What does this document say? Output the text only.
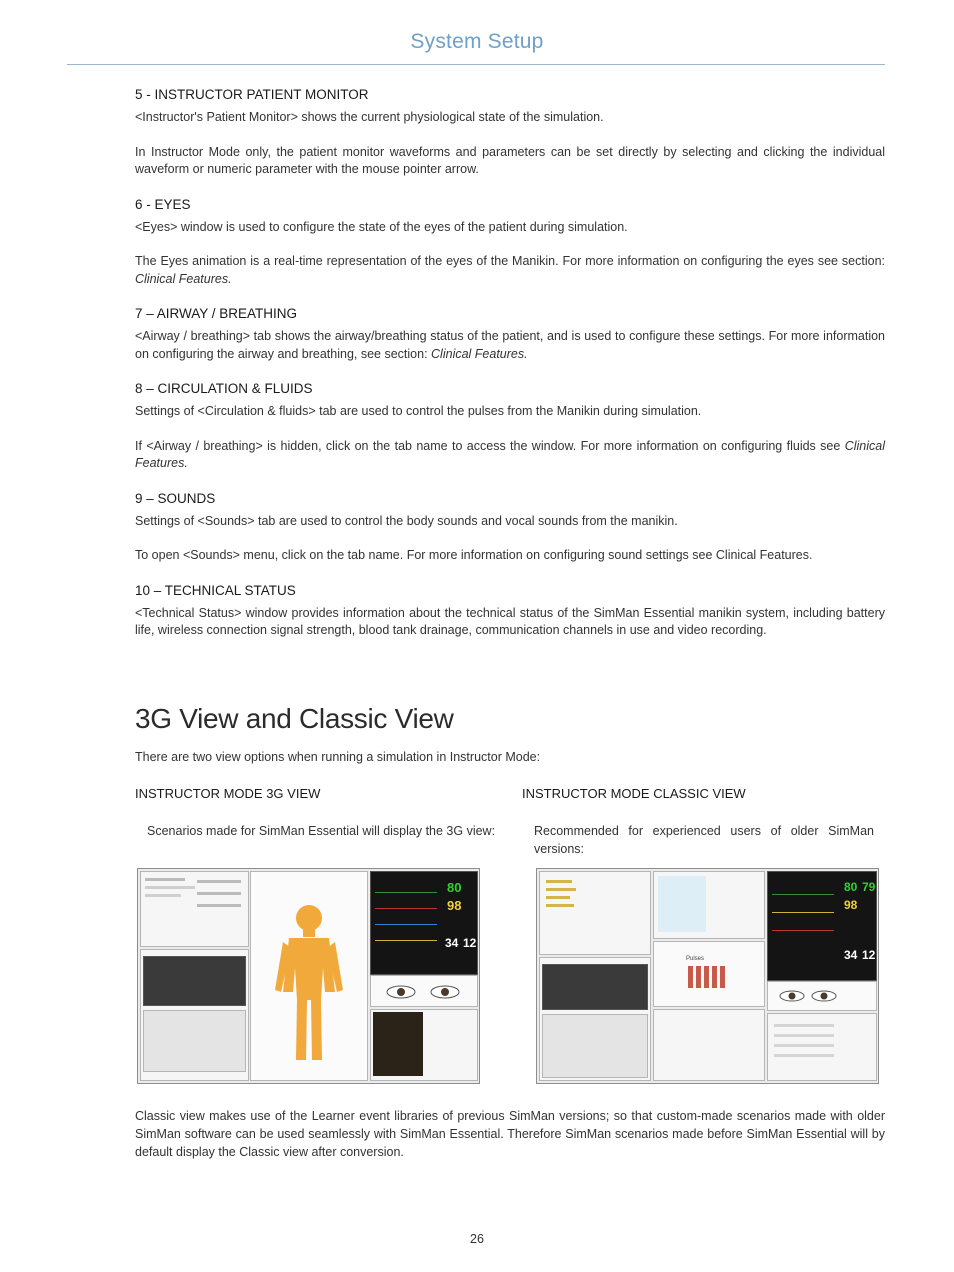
System Setup
5 - INSTRUCTOR PATIENT MONITOR

<Instructor's Patient Monitor> shows the current physiological state of the simulation.

In Instructor Mode only, the patient monitor waveforms and parameters can be set directly by selecting and clicking the individual waveform or numeric parameter with the mouse pointer arrow.

6 - EYES

<Eyes> window is used to configure the state of the eyes of the patient during simulation.

The Eyes animation is a real-time representation of the eyes of the Manikin. For more information on configuring the eyes see section: Clinical Features.

7 – AIRWAY / BREATHING

<Airway / breathing> tab shows the airway/breathing status of the patient, and is used to configure these settings. For more information on configuring the airway and breathing, see section: Clinical Features.

8 – CIRCULATION & FLUIDS

Settings of <Circulation & fluids> tab are used to control the pulses from the Manikin during simulation.

If <Airway / breathing> is hidden, click on the tab name to access the window. For more information on configuring fluids see Clinical Features.

9 – SOUNDS

Settings of <Sounds> tab are used to control the body sounds and vocal sounds from the manikin.

To open <Sounds> menu, click on the tab name. For more information on configuring sound settings see Clinical Features.

10 – TECHNICAL STATUS

<Technical Status> window provides information about the technical status of the SimMan Essential manikin system, including battery life, wireless connection signal strength, blood tank drainage, communication channels in use and video recording.

3G View and Classic View
There are two view options when running a simulation in Instructor Mode:
INSTRUCTOR MODE 3G VIEW	INSTRUCTOR MODE CLASSIC VIEW
Scenarios made for SimMan Essential will display the 3G view:	Recommended for experienced users of older SimMan versions:
80
98
34 12
Pulses
80 79
98
34 12
Classic view makes use of the Learner event libraries of previous SimMan versions; so that custom-made scenarios made with older SimMan software can be used seamlessly with SimMan Essential. Therefore SimMan scenarios made before SimMan Essential will by default display the Classic view after conversion.
26
